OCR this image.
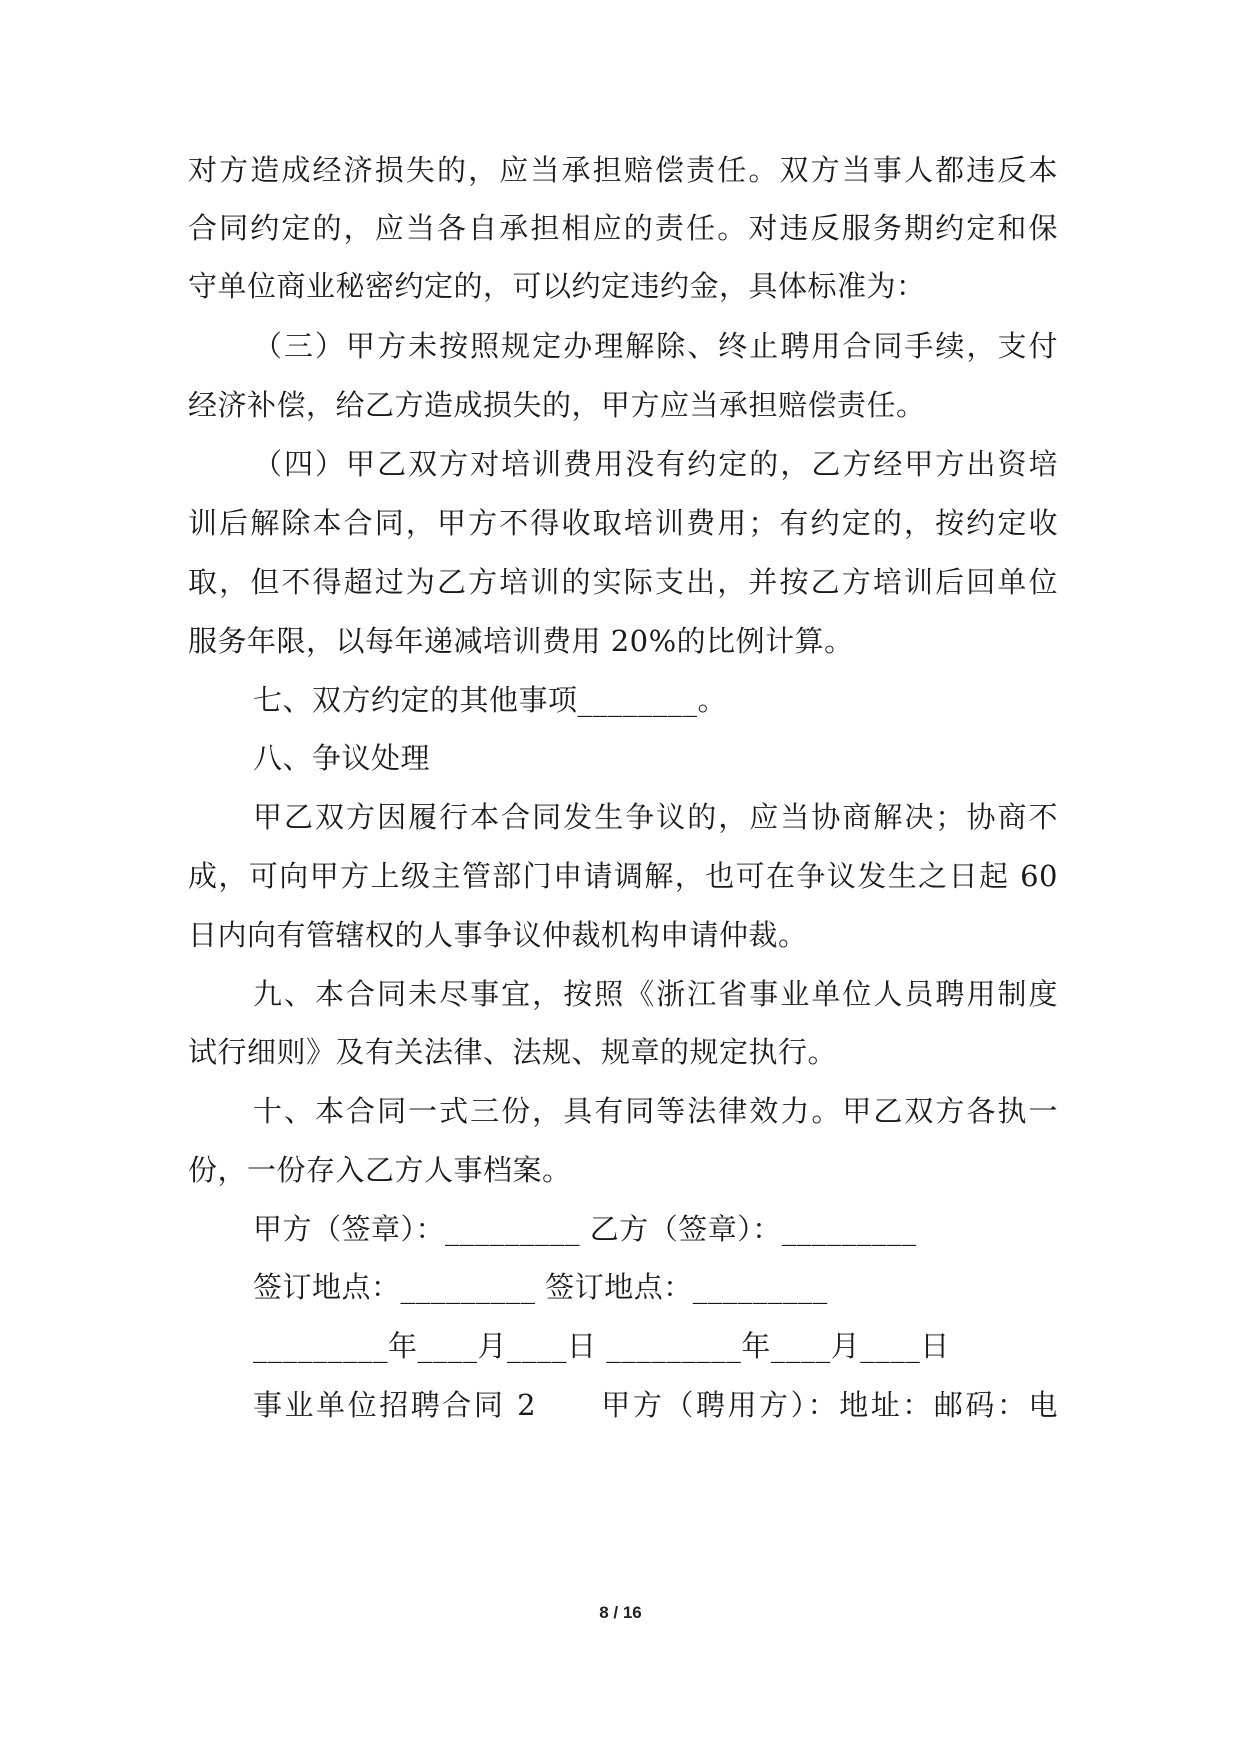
对方造成经济损失的，应当承担赔偿责任。双方当事人都违反本
合同约定的，应当各自承担相应的责任。对违反服务期约定和保
守单位商业秘密约定的，可以约定违约金，具体标准为：
（三）甲方未按照规定办理解除、终止聘用合同手续，支付
经济补偿，给乙方造成损失的，甲方应当承担赔偿责任。
（四）甲乙双方对培训费用没有约定的，乙方经甲方出资培
训后解除本合同，甲方不得收取培训费用；有约定的，按约定收
取，但不得超过为乙方培训的实际支出，并按乙方培训后回单位
服务年限，以每年递减培训费用 20%的比例计算。
七、双方约定的其他事项________。
八、争议处理
甲乙双方因履行本合同发生争议的，应当协商解决；协商不
成，可向甲方上级主管部门申请调解，也可在争议发生之日起 60
日内向有管辖权的人事争议仲裁机构申请仲裁。
九、本合同未尽事宜，按照《浙江省事业单位人员聘用制度
试行细则》及有关法律、法规、规章的规定执行。
十、本合同一式三份，具有同等法律效力。甲乙双方各执一
份，一份存入乙方人事档案。
甲方（签章）：_________ 乙方（签章）：_________
签订地点：_________ 签订地点：_________
_________年____月____日 _________年____月____日
事业单位招聘合同 2　　甲方（聘用方）：地址：邮码：电
8 / 16
